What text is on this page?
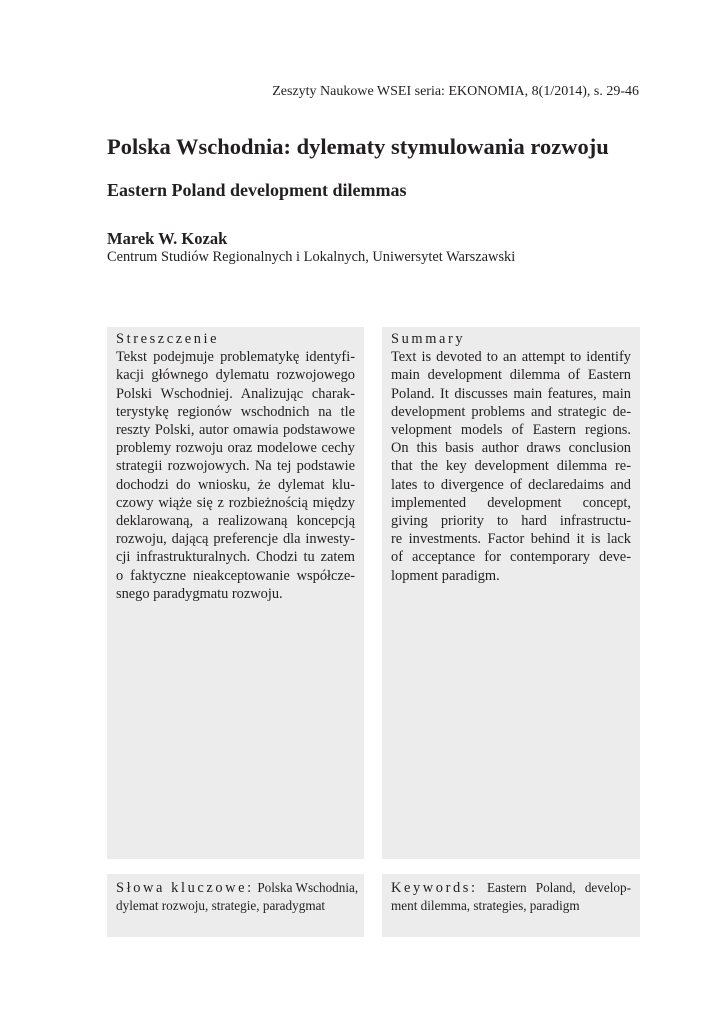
Zeszyty Naukowe WSEI seria: EKONOMIA, 8(1/2014), s. 29-46
Polska Wschodnia: dylematy stymulowania rozwoju
Eastern Poland development dilemmas
Marek W. Kozak
Centrum Studiów Regionalnych i Lokalnych, Uniwersytet Warszawski
Streszczenie
Tekst podejmuje problematykę identyfi-
kacji głównego dylematu rozwojowego
Polski Wschodniej. Analizując charak-
terystykę regionów wschodnich na tle
reszty Polski, autor omawia podstawowe
problemy rozwoju oraz modelowe cechy
strategii rozwojowych. Na tej podstawie
dochodzi do wniosku, że dylemat klu-
czowy wiąże się z rozbieżnością między
deklarowaną, a realizowaną koncepcją
rozwoju, dającą preferencje dla inwesty-
cji infrastrukturalnych. Chodzi tu zatem
o faktyczne nieakceptowanie współcze-
snego paradygmatu rozwoju.
Summary
Text is devoted to an attempt to identify
main development dilemma of Eastern
Poland. It discusses main features, main
development problems and strategic de-
velopment models of Eastern regions.
On this basis author draws conclusion
that the key development dilemma re-
lates to divergence of declaredaims and
implemented development concept,
giving priority to hard infrastructu-
re investments. Factor behind it is lack
of acceptance for contemporary deve-
lopment paradigm.
Słowa kluczowe: Polska Wschodnia,
dylemat rozwoju, strategie, paradygmat
Keywords: Eastern Poland, develop-
ment dilemma, strategies, paradigm
